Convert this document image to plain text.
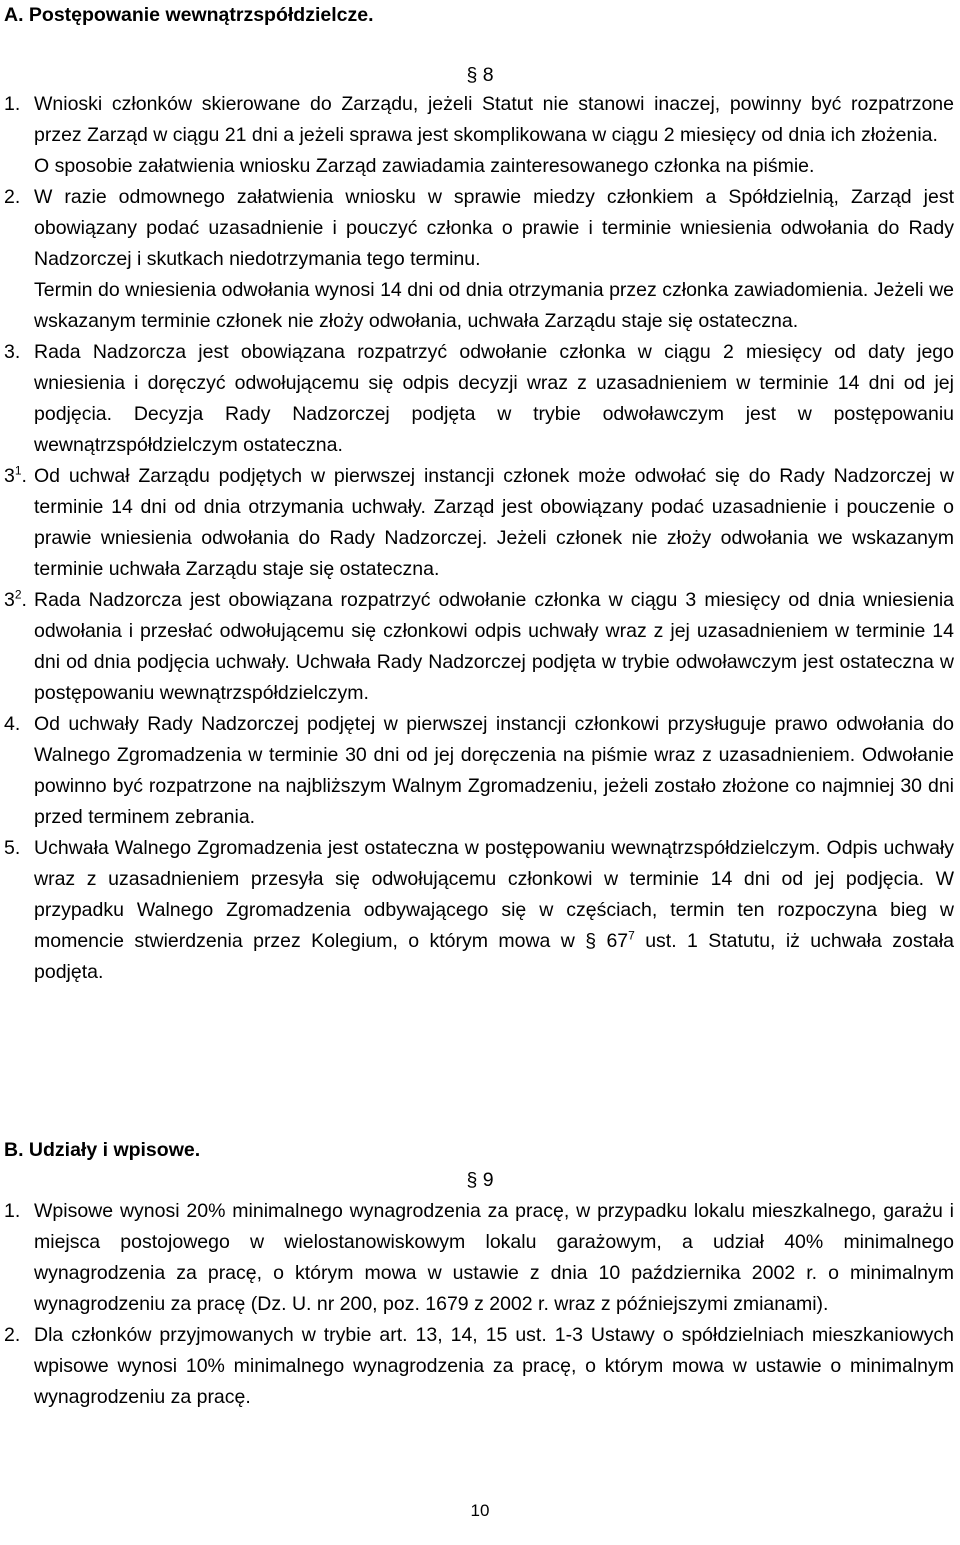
A. Postępowanie wewnątrzspółdzielcze.

§ 8

1. Wnioski członków skierowane do Zarządu, jeżeli Statut nie stanowi inaczej, powinny być rozpatrzone przez Zarząd w ciągu 21 dni a jeżeli sprawa jest skomplikowana w ciągu 2 miesięcy od dnia ich złożenia.
O sposobie załatwienia wniosku Zarząd zawiadamia zainteresowanego członka na piśmie.
2. W razie odmownego załatwienia wniosku w sprawie miedzy członkiem a Spółdzielnią, Zarząd jest obowiązany podać uzasadnienie i pouczyć członka o prawie i terminie wniesienia odwołania do Rady Nadzorczej i skutkach niedotrzymania tego terminu.
Termin do wniesienia odwołania wynosi 14 dni od dnia otrzymania przez członka zawiadomienia. Jeżeli we wskazanym terminie członek nie złoży odwołania, uchwała Zarządu staje się ostateczna.
3. Rada Nadzorcza jest obowiązana rozpatrzyć odwołanie członka w ciągu 2 miesięcy od daty jego wniesienia i doręczyć odwołującemu się odpis decyzji wraz z uzasadnieniem w terminie 14 dni od jej podjęcia. Decyzja Rady Nadzorczej podjęta w trybie odwoławczym jest w postępowaniu wewnątrzspółdzielczym ostateczna.
$3^1$. Od uchwał Zarządu podjętych w pierwszej instancji członek może odwołać się do Rady Nadzorczej w terminie 14 dni od dnia otrzymania uchwały. Zarząd jest obowiązany podać uzasadnienie i pouczenie o prawie wniesienia odwołania do Rady Nadzorczej. Jeżeli członek nie złoży odwołania we wskazanym terminie uchwała Zarządu staje się ostateczna.
$3^2$. Rada Nadzorcza jest obowiązana rozpatrzyć odwołanie członka w ciągu 3 miesięcy od dnia wniesienia odwołania i przesłać odwołującemu się członkowi odpis uchwały wraz z jej uzasadnieniem w terminie 14 dni od dnia podjęcia uchwały. Uchwała Rady Nadzorczej podjęta w trybie odwoławczym jest ostateczna w postępowaniu wewnątrzspółdzielczym.
4. Od uchwały Rady Nadzorczej podjętej w pierwszej instancji członkowi przysługuje prawo odwołania do Walnego Zgromadzenia w terminie 30 dni od jej doręczenia na piśmie wraz z uzasadnieniem. Odwołanie powinno być rozpatrzone na najbliższym Walnym Zgromadzeniu, jeżeli zostało złożone co najmniej 30 dni przed terminem zebrania.
5. Uchwała Walnego Zgromadzenia jest ostateczna w postępowaniu wewnątrzspółdzielczym. Odpis uchwały wraz z uzasadnieniem przesyła się odwołującemu członkowi w terminie 14 dni od jej podjęcia. W przypadku Walnego Zgromadzenia odbywającego się w częściach, termin ten rozpoczyna bieg w momencie stwierdzenia przez Kolegium, o którym mowa w § $67^7$ ust. 1 Statutu, iż uchwała została podjęta.

B. Udziały i wpisowe.

§ 9

1. Wpisowe wynosi 20% minimalnego wynagrodzenia za pracę, w przypadku lokalu mieszkalnego, garażu i miejsca postojowego w wielostanowiskowym lokalu garażowym, a udział 40% minimalnego wynagrodzenia za pracę, o którym mowa w ustawie z dnia 10 października 2002 r. o minimalnym wynagrodzeniu za pracę (Dz. U. nr 200, poz. 1679 z 2002 r. wraz z późniejszymi zmianami).
2. Dla członków przyjmowanych w trybie art. 13, 14, 15 ust. 1-3 Ustawy o spółdzielniach mieszkaniowych wpisowe wynosi 10% minimalnego wynagrodzenia za pracę, o którym mowa w ustawie o minimalnym wynagrodzeniu za pracę.
10
